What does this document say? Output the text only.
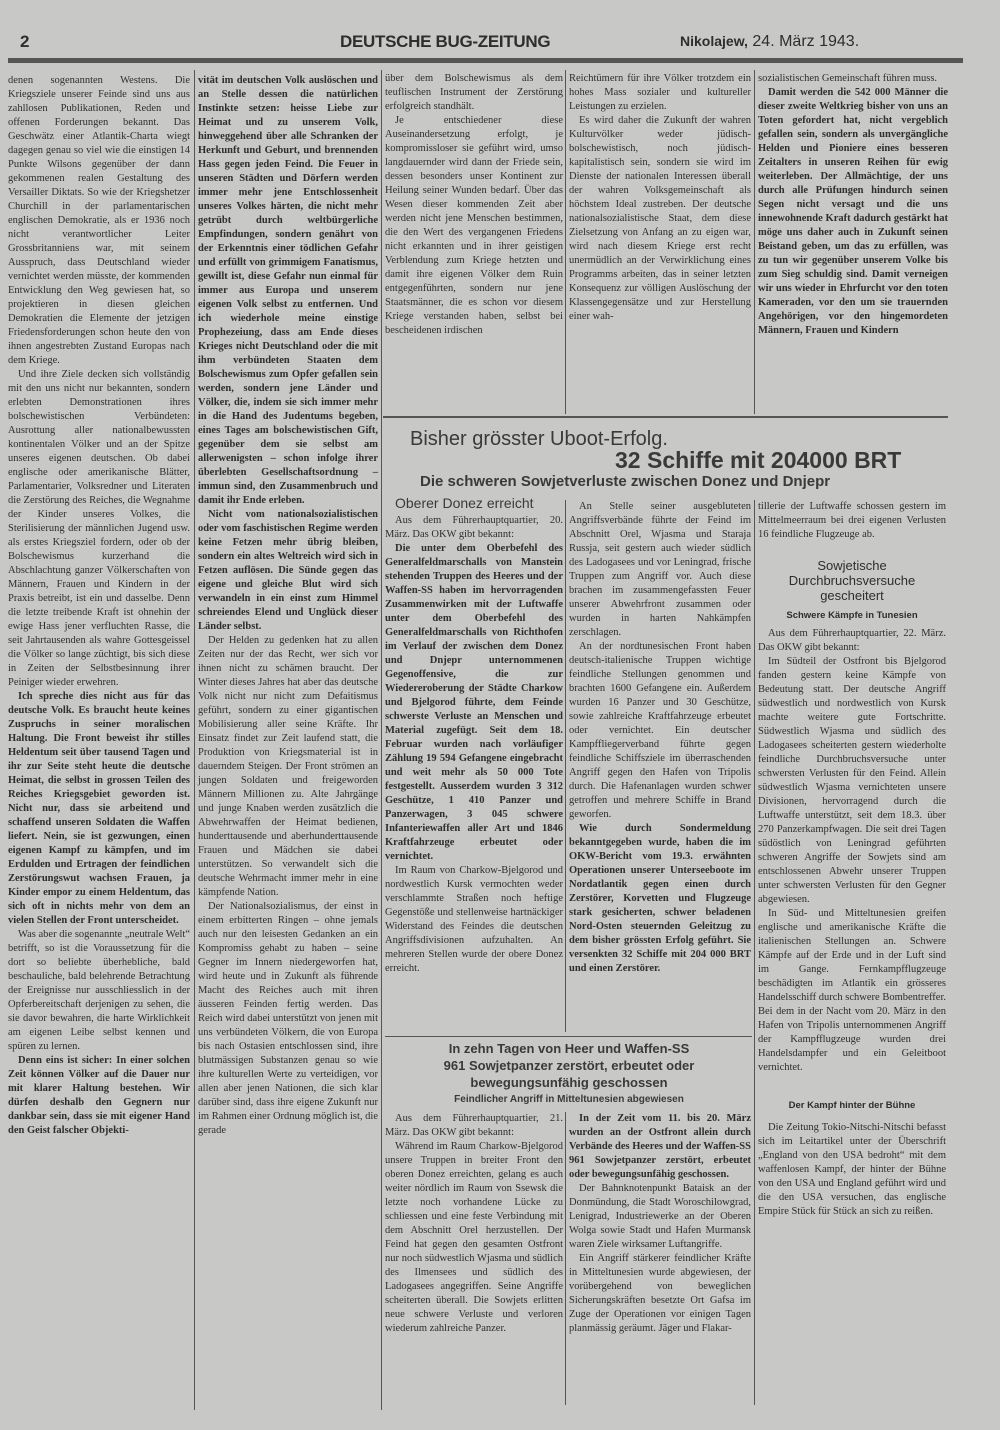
2	DEUTSCHE BUG-ZEITUNG	Nikolajew, 24. März 1943.

denen sogenannten Westens. Die Kriegsziele unserer Feinde sind uns aus zahllosen Publikationen, Reden und offenen Forderungen bekannt. Das Geschwätz einer Atlantik-Charta wiegt dagegen genau so viel wie die einstigen 14 Punkte Wilsons gegenüber der dann gekommenen realen Gestaltung des Versailler Diktats. So wie der Kriegshetzer Churchill in der parlamentarischen englischen Demokratie, als er 1936 noch nicht verantwortlicher Leiter Grossbritanniens war, mit seinem Ausspruch, dass Deutschland wieder vernichtet werden müsste, der kommenden Entwicklung den Weg gewiesen hat, so projektieren in diesen gleichen Demokratien die Elemente der jetzigen Friedensforderungen schon heute den von ihnen angestrebten Zustand Europas nach dem Kriege.

Und ihre Ziele decken sich vollständig mit den uns nicht nur bekannten, sondern erlebten Demonstrationen ihres bolschewistischen Verbündeten: Ausrottung aller nationalbewussten kontinentalen Völker und an der Spitze unseres eigenen deutschen. Ob dabei englische oder amerikanische Blätter, Parlamentarier, Volksredner und Literaten die Zerstörung des Reiches, die Wegnahme der Kinder unseres Volkes, die Sterilisierung der männlichen Jugend usw. als erstes Kriegsziel fordern, oder ob der Bolschewismus kurzerhand die Abschlachtung ganzer Völkerschaften von Männern, Frauen und Kindern in der Praxis betreibt, ist ein und dasselbe. Denn die letzte treibende Kraft ist ohnehin der ewige Hass jener verfluchten Rasse, die seit Jahrtausenden als wahre Gottesgeissel die Völker so lange züchtigt, bis sich diese in Zeiten der Selbstbesinnung ihrer Peiniger wieder erwehren.

Ich spreche dies nicht aus für das deutsche Volk. Es braucht heute keines Zuspruchs in seiner moralischen Haltung. Die Front beweist ihr stilles Heldentum seit über tausend Tagen und ihr zur Seite steht heute die deutsche Heimat, die selbst in grossen Teilen des Reiches Kriegsgebiet geworden ist. Nicht nur, dass sie arbeitend und schaffend unseren Soldaten die Waffen liefert. Nein, sie ist gezwungen, einen eigenen Kampf zu kämpfen, und im Erdulden und Ertragen der feindlichen Zerstörungswut wachsen Frauen, ja Kinder empor zu einem Heldentum, das sich oft in nichts mehr von dem an vielen Stellen der Front unterscheidet.

Was aber die sogenannte „neutrale Welt“ betrifft, so ist die Voraussetzung für die dort so beliebte überhebliche, bald beschauliche, bald belehrende Betrachtung der Ereignisse nur ausschliesslich in der Opferbereitschaft derjenigen zu sehen, die sie davor bewahren, die harte Wirklichkeit am eigenen Leibe selbst kennen und spüren zu lernen.

Denn eins ist sicher: In einer solchen Zeit können Völker auf die Dauer nur mit klarer Haltung bestehen. Wir dürfen deshalb den Gegnern nur dankbar sein, dass sie mit eigener Hand den Geist falscher Objekti-

vität im deutschen Volk auslöschen und an Stelle dessen die natürlichen Instinkte setzen: heisse Liebe zur Heimat und zu unserem Volk, hinweggehend über alle Schranken der Herkunft und Geburt, und brennenden Hass gegen jeden Feind. Die Feuer in unseren Städten und Dörfern werden immer mehr jene Entschlossenheit unseres Volkes härten, die nicht mehr getrübt durch weltbürgerliche Empfindungen, sondern genährt von der Erkenntnis einer tödlichen Gefahr und erfüllt von grimmigem Fanatismus, gewillt ist, diese Gefahr nun einmal für immer aus Europa und unserem eigenen Volk selbst zu entfernen. Und ich wiederhole meine einstige Prophezeiung, dass am Ende dieses Krieges nicht Deutschland oder die mit ihm verbündeten Staaten dem Bolschewismus zum Opfer gefallen sein werden, sondern jene Länder und Völker, die, indem sie sich immer mehr in die Hand des Judentums begeben, eines Tages am bolschewistischen Gift, gegenüber dem sie selbst am allerwenigsten – schon infolge ihrer überlebten Gesellschaftsordnung – immun sind, den Zusammenbruch und damit ihr Ende erleben.

Nicht vom nationalsozialistischen oder vom faschistischen Regime werden keine Fetzen mehr übrig bleiben, sondern ein altes Weltreich wird sich in Fetzen auflösen. Die Sünde gegen das eigene und gleiche Blut wird sich verwandeln in ein einst zum Himmel schreiendes Elend und Unglück dieser Länder selbst.

Der Helden zu gedenken hat zu allen Zeiten nur der das Recht, wer sich vor ihnen nicht zu schämen braucht. Der Winter dieses Jahres hat aber das deutsche Volk nicht nur nicht zum Defaitismus geführt, sondern zu einer gigantischen Mobilisierung aller seine Kräfte. Ihr Einsatz findet zur Zeit laufend statt, die Produktion von Kriegsmaterial ist in dauerndem Steigen. Der Front strömen an jungen Soldaten und freigeworden Männern Millionen zu. Alte Jahrgänge und junge Knaben werden zusätzlich die Abwehrwaffen der Heimat bedienen, hunderttausende und aberhunderttausende Frauen und Mädchen sie dabei unterstützen. So verwandelt sich die deutsche Wehrmacht immer mehr in eine kämpfende Nation.

Der Nationalsozialismus, der einst in einem erbitterten Ringen – ohne jemals auch nur den leisesten Gedanken an ein Kompromiss gehabt zu haben – seine Gegner im Innern niedergeworfen hat, wird heute und in Zukunft als führende Macht des Reiches auch mit ihren äusseren Feinden fertig werden. Das Reich wird dabei unterstützt von jenen mit uns verbündeten Völkern, die von Europa bis nach Ostasien entschlossen sind, ihre blutmässigen Substanzen genau so wie ihre kulturellen Werte zu verteidigen, vor allen aber jenen Nationen, die sich klar darüber sind, dass ihre eigene Zukunft nur im Rahmen einer Ordnung möglich ist, die gerade

über dem Bolschewismus als dem teuflischen Instrument der Zerstörung erfolgreich standhält.

Je entschiedener diese Auseinandersetzung erfolgt, je kompromissloser sie geführt wird, umso langdauernder wird dann der Friede sein, dessen besonders unser Kontinent zur Heilung seiner Wunden bedarf. Über das Wesen dieser kommenden Zeit aber werden nicht jene Menschen bestimmen, die den Wert des vergangenen Friedens nicht erkannten und in ihrer geistigen Verblendung zum Kriege hetzten und damit ihre eigenen Völker dem Ruin entgegenführten, sondern nur jene Staatsmänner, die es schon vor diesem Kriege verstanden haben, selbst bei bescheidenen irdischen

Reichtümern für ihre Völker trotzdem ein hohes Mass sozialer und kultureller Leistungen zu erzielen.

Es wird daher die Zukunft der wahren Kulturvölker weder jüdisch-bolschewistisch, noch jüdisch-kapitalistisch sein, sondern sie wird im Dienste der nationalen Interessen überall der wahren Volksgemeinschaft als höchstem Ideal zustreben. Der deutsche nationalsozialistische Staat, dem diese Zielsetzung von Anfang an zu eigen war, wird nach diesem Kriege erst recht unermüdlich an der Verwirklichung eines Programms arbeiten, das in seiner letzten Konsequenz zur völligen Auslöschung der Klassengegensätze und zur Herstellung einer wah-

sozialistischen Gemeinschaft führen muss.

Damit werden die 542 000 Männer die dieser zweite Weltkrieg bisher von uns an Toten gefordert hat, nicht vergeblich gefallen sein, sondern als unvergängliche Helden und Pioniere eines besseren Zeitalters in unseren Reihen für ewig weiterleben. Der Allmächtige, der uns durch alle Prüfungen hindurch seinen Segen nicht versagt und die uns innewohnende Kraft dadurch gestärkt hat möge uns daher auch in Zukunft seinen Beistand geben, um das zu erfüllen, was zu tun wir gegenüber unserem Volke bis zum Sieg schuldig sind. Damit verneigen wir uns wieder in Ehrfurcht vor den toten Kameraden, vor den um sie trauernden Angehörigen, vor den hingemordeten Männern, Frauen und Kindern

Bisher grösster Uboot-Erfolg.
32 Schiffe mit 204000 BRT
Die schweren Sowjetverluste zwischen Donez und Dnjepr
Oberer Donez erreicht

Aus dem Führerhauptquartier, 20. März. Das OKW gibt bekannt:

Die unter dem Oberbefehl des Generalfeldmarschalls von Manstein stehenden Truppen des Heeres und der Waffen-SS haben im hervorragenden Zusammenwirken mit der Luftwaffe unter dem Oberbefehl des Generalfeldmarschalls von Richthofen im Verlauf der zwischen dem Donez und Dnjepr unternommenen Gegenoffensive, die zur Wiedereroberung der Städte Charkow und Bjelgorod führte, dem Feinde schwerste Verluste an Menschen und Material zugefügt. Seit dem 18. Februar wurden nach vorläufiger Zählung 19 594 Gefangene eingebracht und weit mehr als 50 000 Tote festgestellt. Ausserdem wurden 3 312 Geschütze, 1 410 Panzer und Panzerwagen, 3 045 schwere Infanteriewaffen aller Art und 1846 Kraftfahrzeuge erbeutet oder vernichtet.

Im Raum von Charkow-Bjelgorod und nordwestlich Kursk vermochten weder verschlammte Straßen noch heftige Gegenstöße und stellenweise hartnäckiger Widerstand des Feindes die deutschen Angriffsdivisionen aufzuhalten. An mehreren Stellen wurde der obere Donez erreicht.

An Stelle seiner ausgebluteten Angriffsverbände führte der Feind im Abschnitt Orel, Wjasma und Staraja Russja, seit gestern auch wieder südlich des Ladogasees und vor Leningrad, frische Truppen zum Angriff vor. Auch diese brachen im zusammengefassten Feuer unserer Abwehrfront zusammen oder wurden in harten Nahkämpfen zerschlagen.

An der nordtunesischen Front haben deutsch-italienische Truppen wichtige feindliche Stellungen genommen und brachten 1600 Gefangene ein. Außerdem wurden 16 Panzer und 30 Geschütze, sowie zahlreiche Kraftfahrzeuge erbeutet oder vernichtet. Ein deutscher Kampffliegerverband führte gegen feindliche Schiffsziele im überraschenden Angriff gegen den Hafen von Tripolis durch. Die Hafenanlagen wurden schwer getroffen und mehrere Schiffe in Brand geworfen.

Wie durch Sondermeldung bekanntgegeben wurde, haben die im OKW-Bericht vom 19.3. erwähnten Operationen unserer Unterseeboote im Nordatlantik gegen einen durch Zerstörer, Korvetten und Flugzeuge stark gesicherten, schwer beladenen Nord-Osten steuernden Geleitzug zu dem bisher grössten Erfolg geführt. Sie versenkten 32 Schiffe mit 204 000 BRT und einen Zerstörer.

In zehn Tagen von Heer und Waffen-SS
961 Sowjetpanzer zerstört, erbeutet oder
bewegungsunfähig geschossen
Feindlicher Angriff in Mitteltunesien abgewiesen

Aus dem Führerhauptquartier, 21. März. Das OKW gibt bekannt:

Während im Raum Charkow-Bjelgorod unsere Truppen in breiter Front den oberen Donez erreichten, gelang es auch weiter nördlich im Raum von Ssewsk die letzte noch vorhandene Lücke zu schliessen und eine feste Verbindung mit dem Abschnitt Orel herzustellen. Der Feind hat gegen den gesamten Ostfront nur noch südwestlich Wjasma und südlich des Ilmensees und südlich des Ladogasees angegriffen. Seine Angriffe scheiterten überall. Die Sowjets erlitten neue schwere Verluste und verloren wiederum zahlreiche Panzer.

In der Zeit vom 11. bis 20. März wurden an der Ostfront allein durch Verbände des Heeres und der Waffen-SS 961 Sowjetpanzer zerstört, erbeutet oder bewegungsunfähig geschossen.

Der Bahnknotenpunkt Bataisk an der Donmündung, die Stadt Woroschilowgrad, Lenigrad, Industriewerke an der Oberen Wolga sowie Stadt und Hafen Murmansk waren Ziele wirksamer Luftangriffe.

Ein Angriff stärkerer feindlicher Kräfte in Mitteltunesien wurde abgewiesen, der vorübergehend von beweglichen Sicherungskräften besetzte Ort Gafsa im Zuge der Operationen vor einigen Tagen planmässig geräumt. Jäger und Flakar-

tillerie der Luftwaffe schossen gestern im Mittelmeerraum bei drei eigenen Verlusten 16 feindliche Flugzeuge ab.

Sowjetische Durchbruchsversuche gescheitert

Schwere Kämpfe in Tunesien

Aus dem Führerhauptquartier, 22. März. Das OKW gibt bekannt:

Im Südteil der Ostfront bis Bjelgorod fanden gestern keine Kämpfe von Bedeutung statt. Der deutsche Angriff südwestlich und nordwestlich von Kursk machte weitere gute Fortschritte. Südwestlich Wjasma und südlich des Ladogasees scheiterten gestern wiederholte feindliche Durchbruchsversuche unter schwersten Verlusten für den Feind. Allein südwestlich Wjasma vernichteten unsere Divisionen, hervorragend durch die Luftwaffe unterstützt, seit dem 18.3. über 270 Panzerkampfwagen. Die seit drei Tagen südöstlich von Leningrad geführten schweren Angriffe der Sowjets sind am entschlossenen Abwehr unserer Truppen unter schwersten Verlusten für den Gegner abgewiesen.

In Süd- und Mitteltunesien greifen englische und amerikanische Kräfte die italienischen Stellungen an. Schwere Kämpfe auf der Erde und in der Luft sind im Gange. Fernkampfflugzeuge beschädigten im Atlantik ein grösseres Handelsschiff durch schwere Bombentreffer. Bei dem in der Nacht vom 20. März in den Hafen von Tripolis unternommenen Angriff der Kampfflugzeuge wurden drei Handelsdampfer und ein Geleitboot vernichtet.

Der Kampf hinter der Bühne

Die Zeitung Tokio-Nitschi-Nitschi befasst sich im Leitartikel unter der Überschrift „England von den USA bedroht“ mit dem waffenlosen Kampf, der hinter der Bühne von den USA und England geführt wird und die den USA versuchen, das englische Empire Stück für Stück an sich zu reißen.
